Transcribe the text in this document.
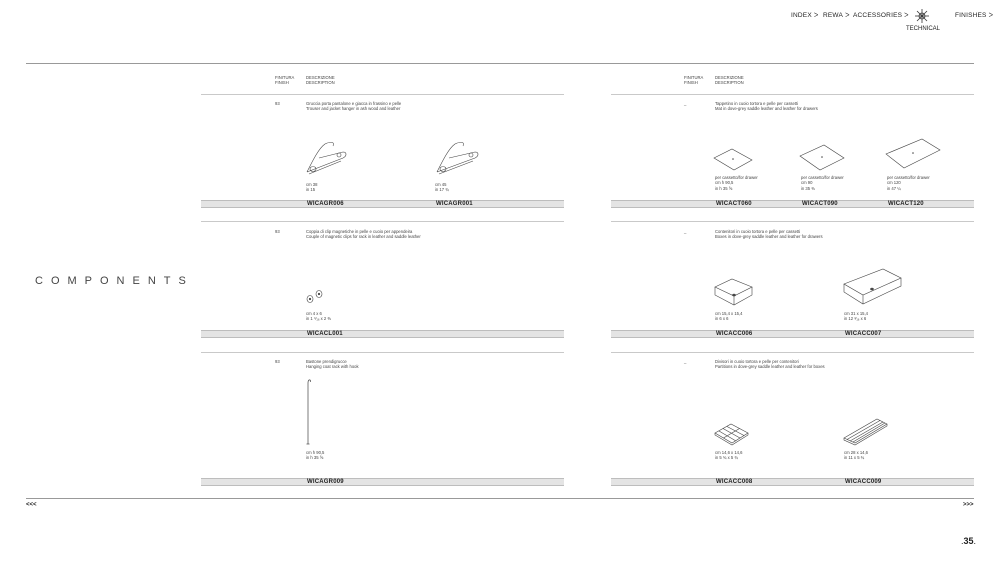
INDEX ᐳ REWA ᐳ ACCESSORIES ᐳ
TECHNICAL
FINISHES ᐳ
COMPONENTS
FINITURA
FINISH
DESCRIZIONE
DESCRIPTION
FINITURA
FINISH
DESCRIZIONE
DESCRIPTION
93	Gruccia porta pantalone e giacca in frassino e pelle
Trouser and jacket hanger in ash wood and leather
cm 38
in 15
cm 45
in 17 ¾
WICAGR006	WICAGR001
93	Coppia di clip magnetiche in pelle e cuoio per appendeira
Couple of magnetic clips for rack in leather and saddle leather
cm 4 x 6
in 1 ⁹⁄₁₆ x 2 ⅜
WICACL001
93	Bastone prendigrucce
Hanging coat rack with hook
cm h 90,5
in h 35 ⅝
WICAGR009
_	Tappetino in cuoio tortora e pelle per cassetti
Mat in dove-grey saddle leather and leather for drawers
per cassetto/for drawer
cm h 90,5
in h 35 ⅝
per cassetto/for drawer
cm 90
in 35 ⅜
per cassetto/for drawer
cm 120
in 47 ¼
WICACT060	WICACT090	WICACT120
_	Contenitori in cuoio tortora e pelle per cassetti
Boxes in dove-grey saddle leather and leather for drawers
cm 15,4 x 15,4
in 6 x 6
cm 31 x 15,4
in 12 ³⁄₁₆ x 6
WICACC006	WICACC007
_	Divisori in cuoio tortora e pelle per contenitori
Partitions in dove-grey saddle leather and leather for boxes
cm 14,6 x 14,6
in 5 ¾ x 5 ¾
cm 28 x 14,6
in 11 x 5 ¾
WICACC008	WICACC009
<<<	>>>
.35.
